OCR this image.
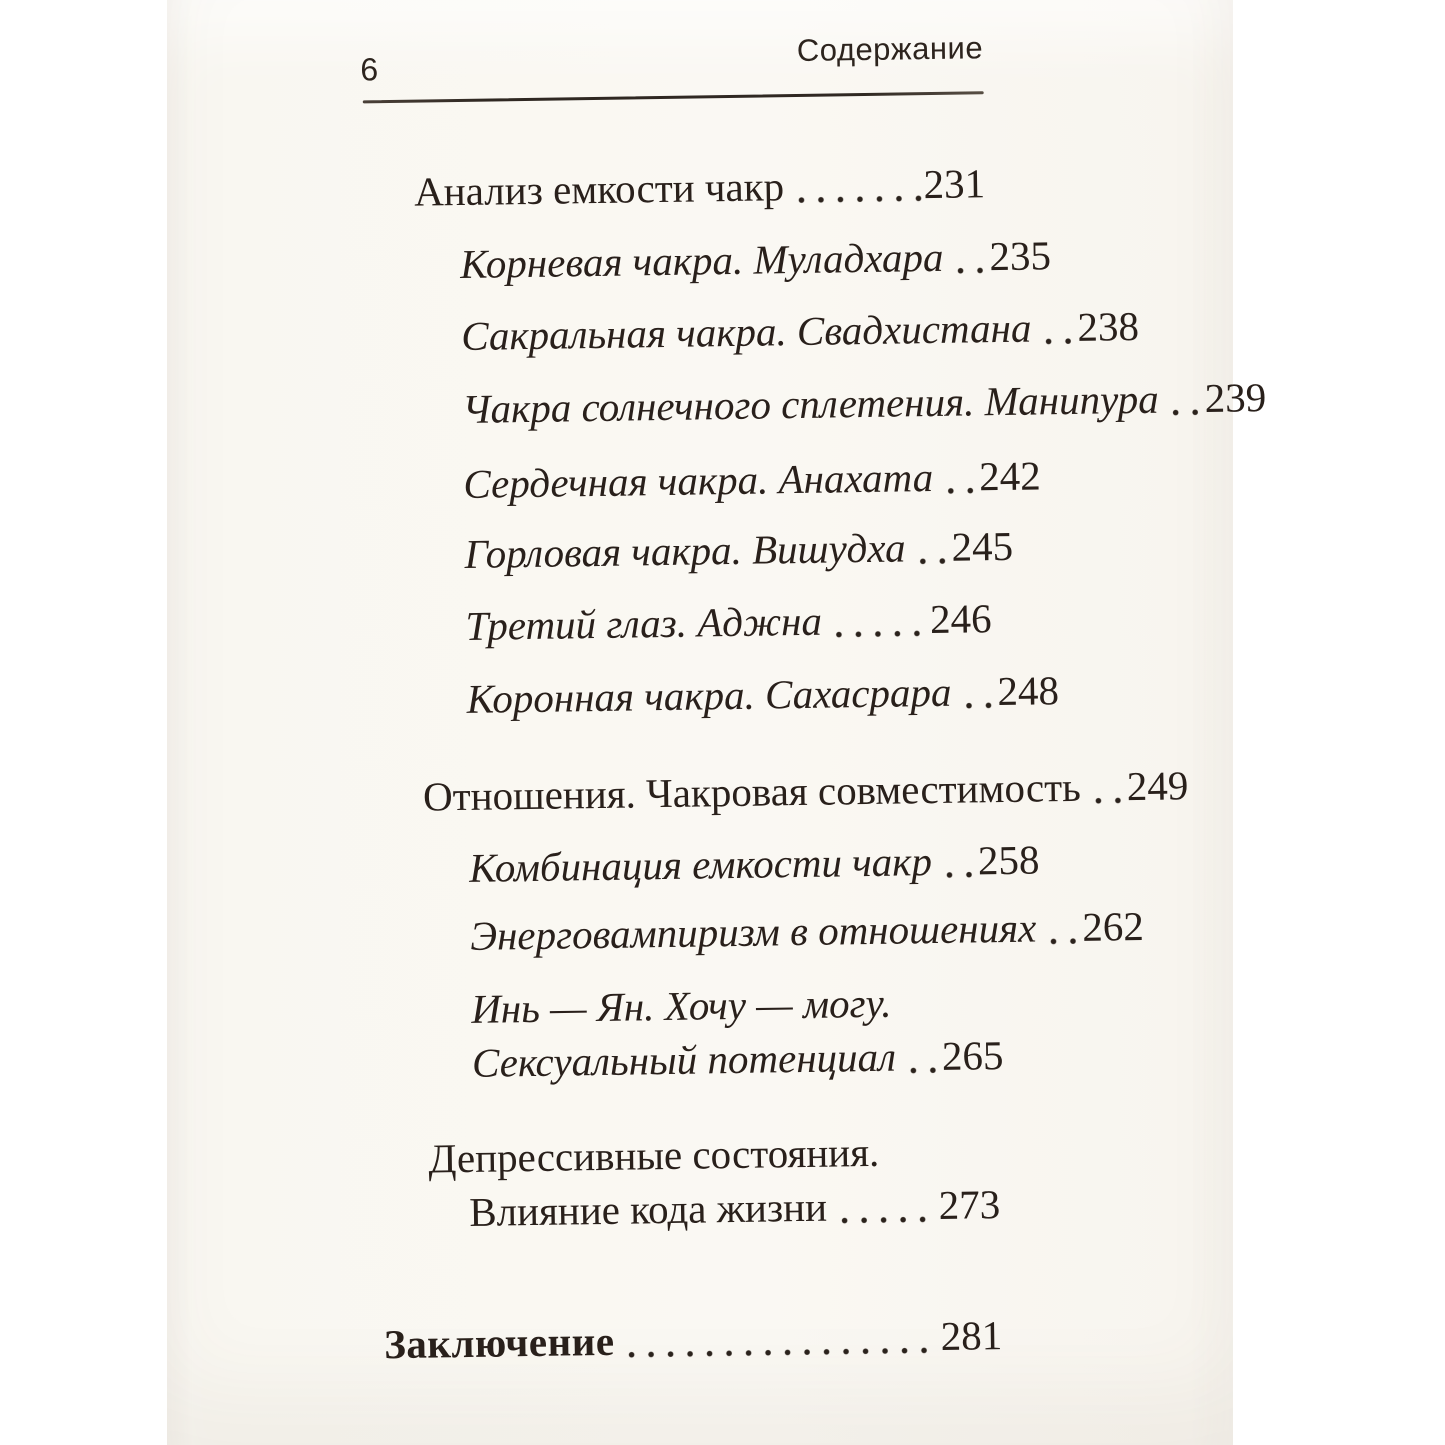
6
Содержание
Анализ емкости чакр	231
Корневая чакра. Муладхара 235
Сакральная чакра. Свадхистана 238
Чакра солнечного сплетения. Манипура 239
Сердечная чакра. Анахата 242
Горловая чакра. Вишудха 245
Третий глаз. Аджна	246
Коронная чакра. Сахасрара 248
Отношения. Чакровая совместимость 249
Комбинация емкости чакр 258
Энерговампиризм в отношениях 262
Инь — Ян. Хочу — могу.
Сексуальный потенциал 265
Депрессивные состояния.
Влияние кода жизни	273
Заключение	281
